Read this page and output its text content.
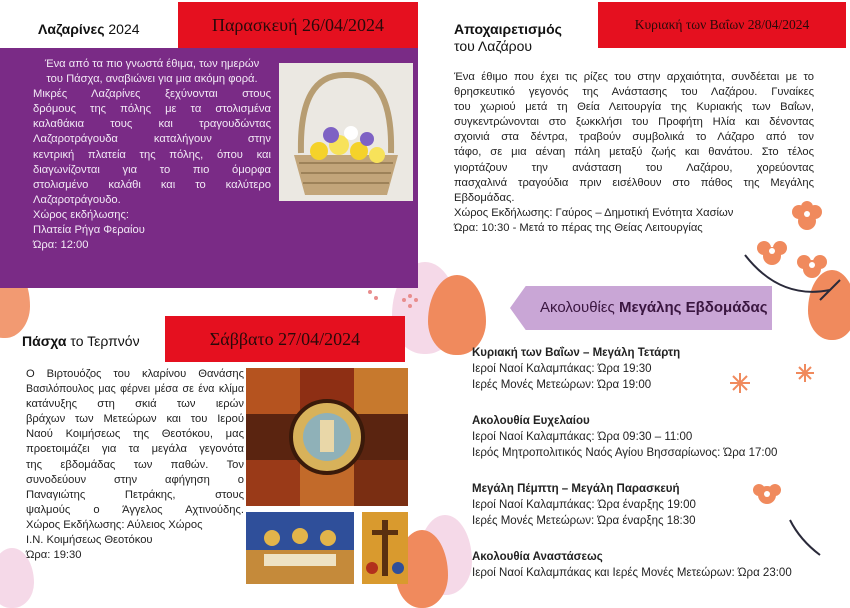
Λαζαρίνες 2024	Παρασκευή 26/04/2024
Ένα από τα πιο γνωστά έθιμα, των ημερών
του Πάσχα, αναβιώνει για μια ακόμη φορά.
Μικρές Λαζαρίνες ξεχύνονται στους
δρόμους της πόλης με τα στολισμένα
καλαθάκια τους και τραγουδώντας
Λαζαροτράγουδα καταλήγουν στην
κεντρική πλατεία της πόλης, όπου και
διαγωνίζονται για το πιο όμορφα
στολισμένο καλάθι και το καλύτερο
Λαζαροτράγουδο.
Χώρος εκδήλωσης:
Πλατεία Ρήγα Φεραίου
Ώρα: 12:00
Αποχαιρετισμός
του Λαζάρου
Κυριακή των Βαΐων 28/04/2024
Ένα έθιμο που έχει τις ρίζες του στην αρχαιότητα, συνδέεται με το
θρησκευτικό γεγονός της Ανάστασης του Λαζάρου. Γυναίκες
του χωριού μετά τη Θεία Λειτουργία της Κυριακής των Βαΐων,
συγκεντρώνονται στο ξωκκλήσι του Προφήτη Ηλία και δένοντας
σχοινιά στα δέντρα, τραβούν συμβολικά το Λάζαρο από τον
τάφο, σε μια αέναη πάλη μεταξύ ζωής και θανάτου. Στο τέλος
γιορτάζουν την ανάσταση του Λαζάρου, χορεύοντας
πασχαλινά τραγούδια πριν εισέλθουν στο πάθος της Μεγάλης
Εβδομάδας.
Χώρος Εκδήλωσης: Γαύρος – Δημοτική Ενότητα Χασίων
Ώρα: 10:30 - Μετά το πέρας της Θείας Λειτουργίας
Πάσχα το Τερπνόν	Σάββατο 27/04/2024
Ο Βιρτουόζος του κλαρίνου Θανάσης
Βασιλόπουλος μας φέρνει μέσα σε ένα κλίμα
κατάνυξης στη σκιά των ιερών
βράχων των Μετεώρων και του Ιερού
Ναού Κοιμήσεως της Θεοτόκου, μας
προετοιμάζει για τα μεγάλα γεγονότα
της εβδομάδας των παθών. Τον
συνοδεύουν στην αφήγηση ο
Παναγιώτης Πετράκης, στους
ψαλμούς ο Άγγελος Αχτινούδης.
Χώρος Εκδήλωσης: Αύλειος Χώρος
Ι.Ν. Κοιμήσεως Θεοτόκου
Ώρα: 19:30
Ακολουθίες Μεγάλης Εβδομάδας
Κυριακή των Βαΐων – Μεγάλη Τετάρτη
Ιεροί Ναοί Καλαμπάκας: Ώρα 19:30
Ιερές Μονές Μετεώρων: Ώρα 19:00
Ακολουθία Ευχελαίου
Ιεροί Ναοί Καλαμπάκας: Ώρα 09:30 – 11:00
Ιερός Μητροπολιτικός Ναός Αγίου Βησσαρίωνος: Ώρα 17:00
Μεγάλη Πέμπτη – Μεγάλη Παρασκευή
Ιεροί Ναοί Καλαμπάκας: Ώρα έναρξης 19:00
Ιερές Μονές Μετεώρων: Ώρα έναρξης 18:30
Ακολουθία Αναστάσεως
Ιεροί Ναοί Καλαμπάκας και Ιερές Μονές Μετεώρων: Ώρα 23:00
